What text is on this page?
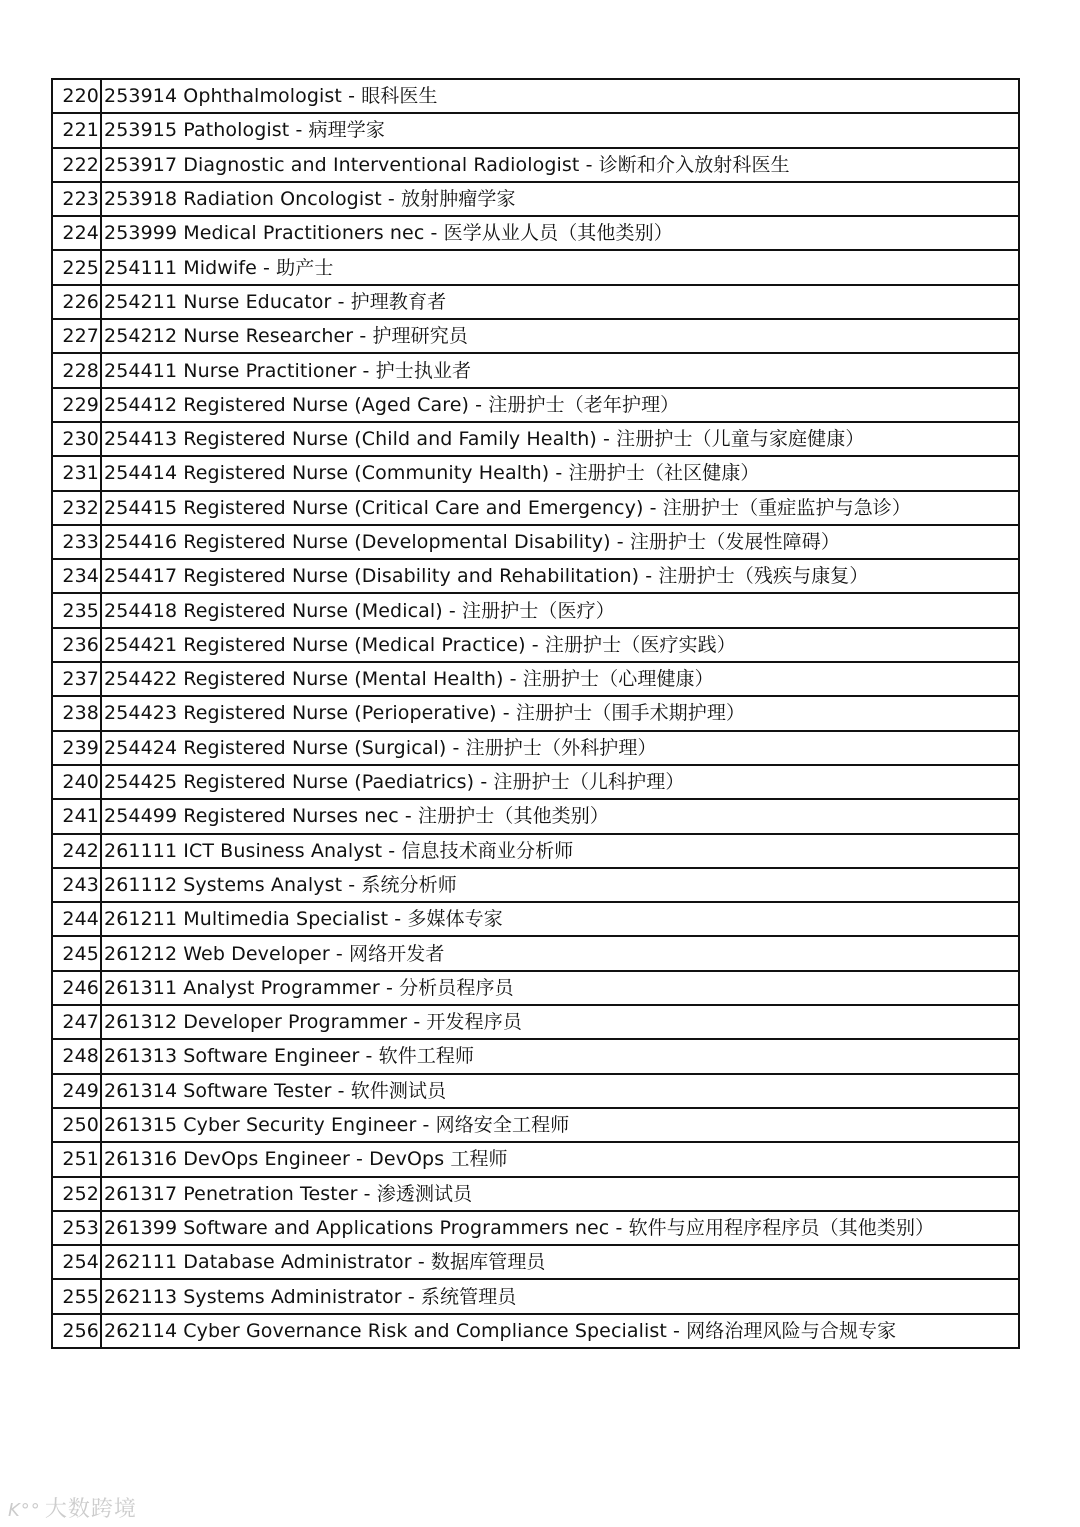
220	253914 Ophthalmologist - 眼科医生
221	253915 Pathologist - 病理学家
222	253917 Diagnostic and Interventional Radiologist - 诊断和介入放射科医生
223	253918 Radiation Oncologist - 放射肿瘤学家
224	253999 Medical Practitioners nec - 医学从业人员（其他类别）
225	254111 Midwife - 助产士
226	254211 Nurse Educator - 护理教育者
227	254212 Nurse Researcher - 护理研究员
228	254411 Nurse Practitioner - 护士执业者
229	254412 Registered Nurse (Aged Care) - 注册护士（老年护理）
230	254413 Registered Nurse (Child and Family Health) - 注册护士（儿童与家庭健康）
231	254414 Registered Nurse (Community Health) - 注册护士（社区健康）
232	254415 Registered Nurse (Critical Care and Emergency) - 注册护士（重症监护与急诊）
233	254416 Registered Nurse (Developmental Disability) - 注册护士（发展性障碍）
234	254417 Registered Nurse (Disability and Rehabilitation) - 注册护士（残疾与康复）
235	254418 Registered Nurse (Medical) - 注册护士（医疗）
236	254421 Registered Nurse (Medical Practice) - 注册护士（医疗实践）
237	254422 Registered Nurse (Mental Health) - 注册护士（心理健康）
238	254423 Registered Nurse (Perioperative) - 注册护士（围手术期护理）
239	254424 Registered Nurse (Surgical) - 注册护士（外科护理）
240	254425 Registered Nurse (Paediatrics) - 注册护士（儿科护理）
241	254499 Registered Nurses nec - 注册护士（其他类别）
242	261111 ICT Business Analyst - 信息技术商业分析师
243	261112 Systems Analyst - 系统分析师
244	261211 Multimedia Specialist - 多媒体专家
245	261212 Web Developer - 网络开发者
246	261311 Analyst Programmer - 分析员程序员
247	261312 Developer Programmer - 开发程序员
248	261313 Software Engineer - 软件工程师
249	261314 Software Tester - 软件测试员
250	261315 Cyber Security Engineer - 网络安全工程师
251	261316 DevOps Engineer - DevOps 工程师
252	261317 Penetration Tester - 渗透测试员
253	261399 Software and Applications Programmers nec - 软件与应用程序程序员（其他类别）
254	262111 Database Administrator - 数据库管理员
255	262113 Systems Administrator - 系统管理员
256	262114 Cyber Governance Risk and Compliance Specialist - 网络治理风险与合规专家
K°° 大数跨境
